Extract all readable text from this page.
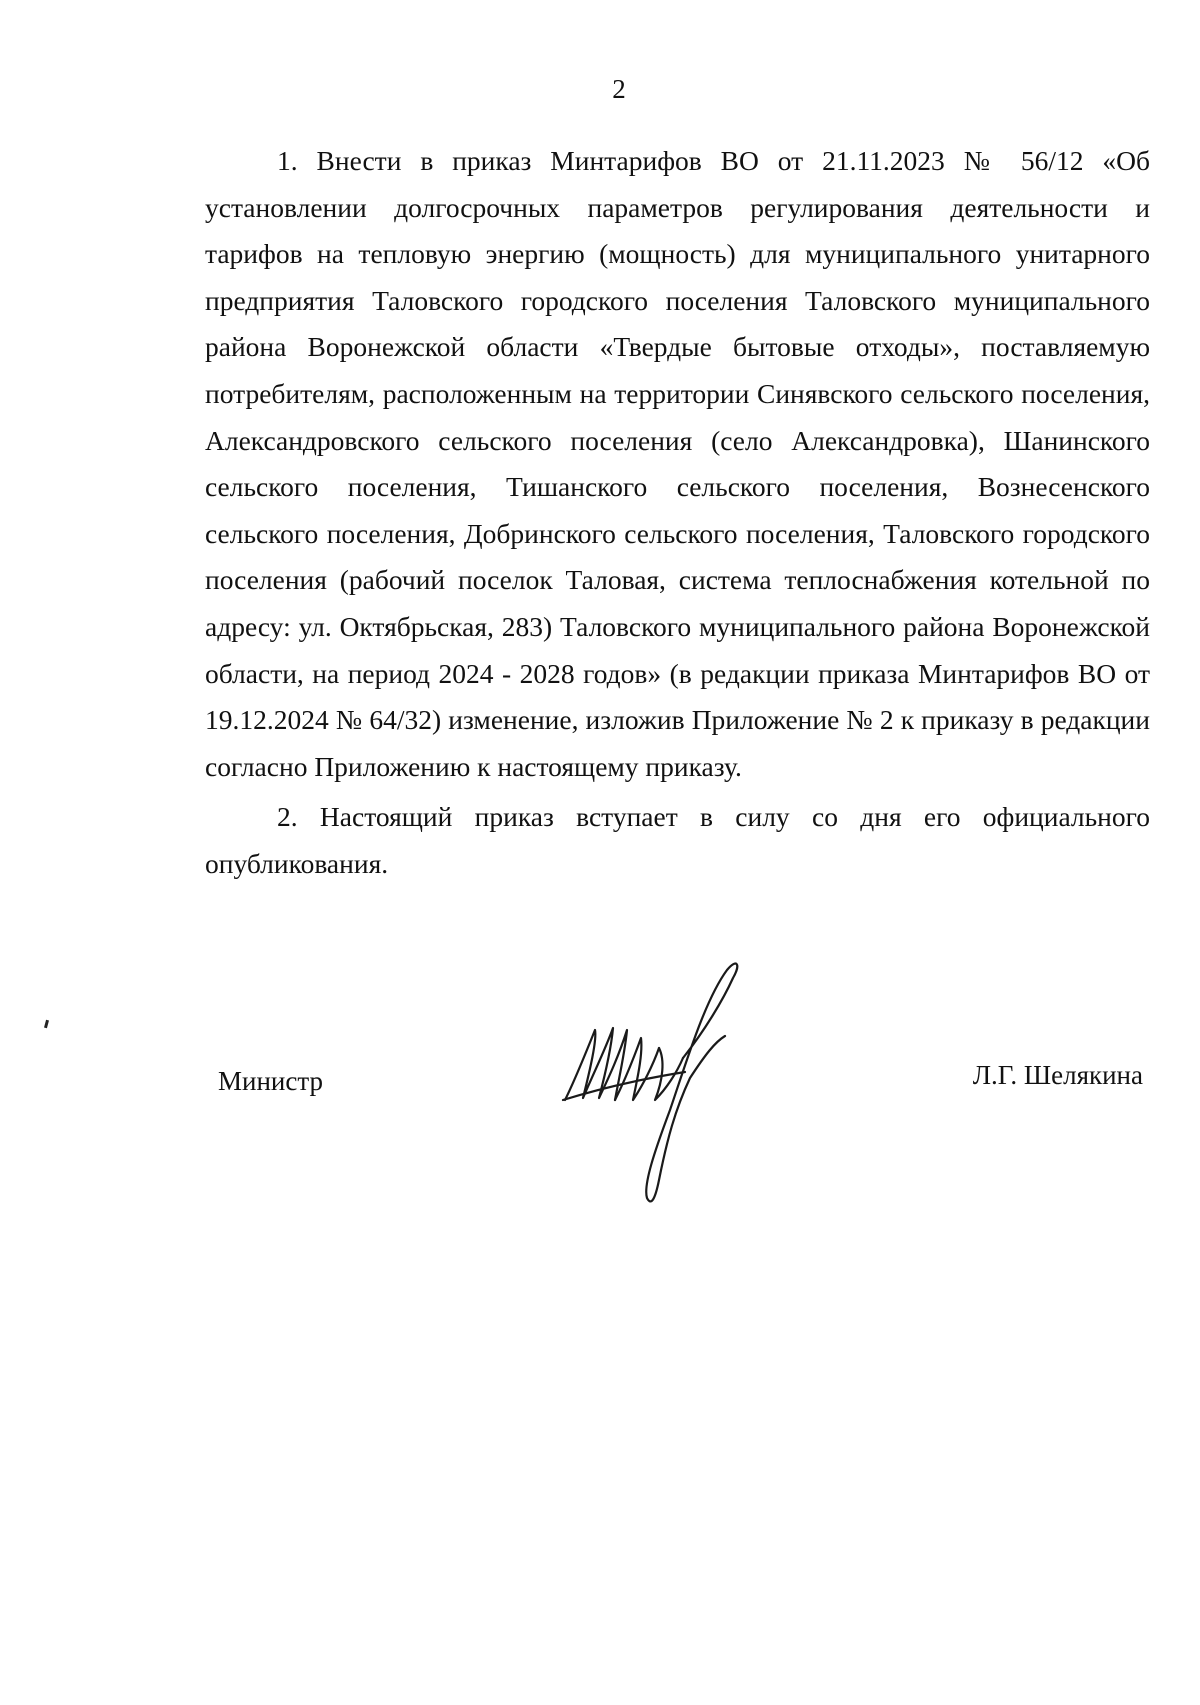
2

1. Внести в приказ Минтарифов ВО от 21.11.2023 № 56/12 «Об установлении долгосрочных параметров регулирования деятельности и тарифов на тепловую энергию (мощность) для муниципального унитарного предприятия Таловского городского поселения Таловского муниципального района Воронежской области «Твердые бытовые отходы», поставляемую потребителям, расположенным на территории Синявского сельского поселения, Александровского сельского поселения (село Александровка), Шанинского сельского поселения, Тишанского сельского поселения, Вознесенского сельского поселения, Добринского сельского поселения, Таловского городского поселения (рабочий поселок Таловая, система теплоснабжения котельной по адресу: ул. Октябрьская, 283) Таловского муниципального района Воронежской области, на период 2024 - 2028 годов» (в редакции приказа Минтарифов ВО от 19.12.2024 № 64/32) изменение, изложив Приложение № 2 к приказу в редакции согласно Приложению к настоящему приказу.

2. Настоящий приказ вступает в силу со дня его официального опубликования.

Министр	Л.Г. Шелякина
